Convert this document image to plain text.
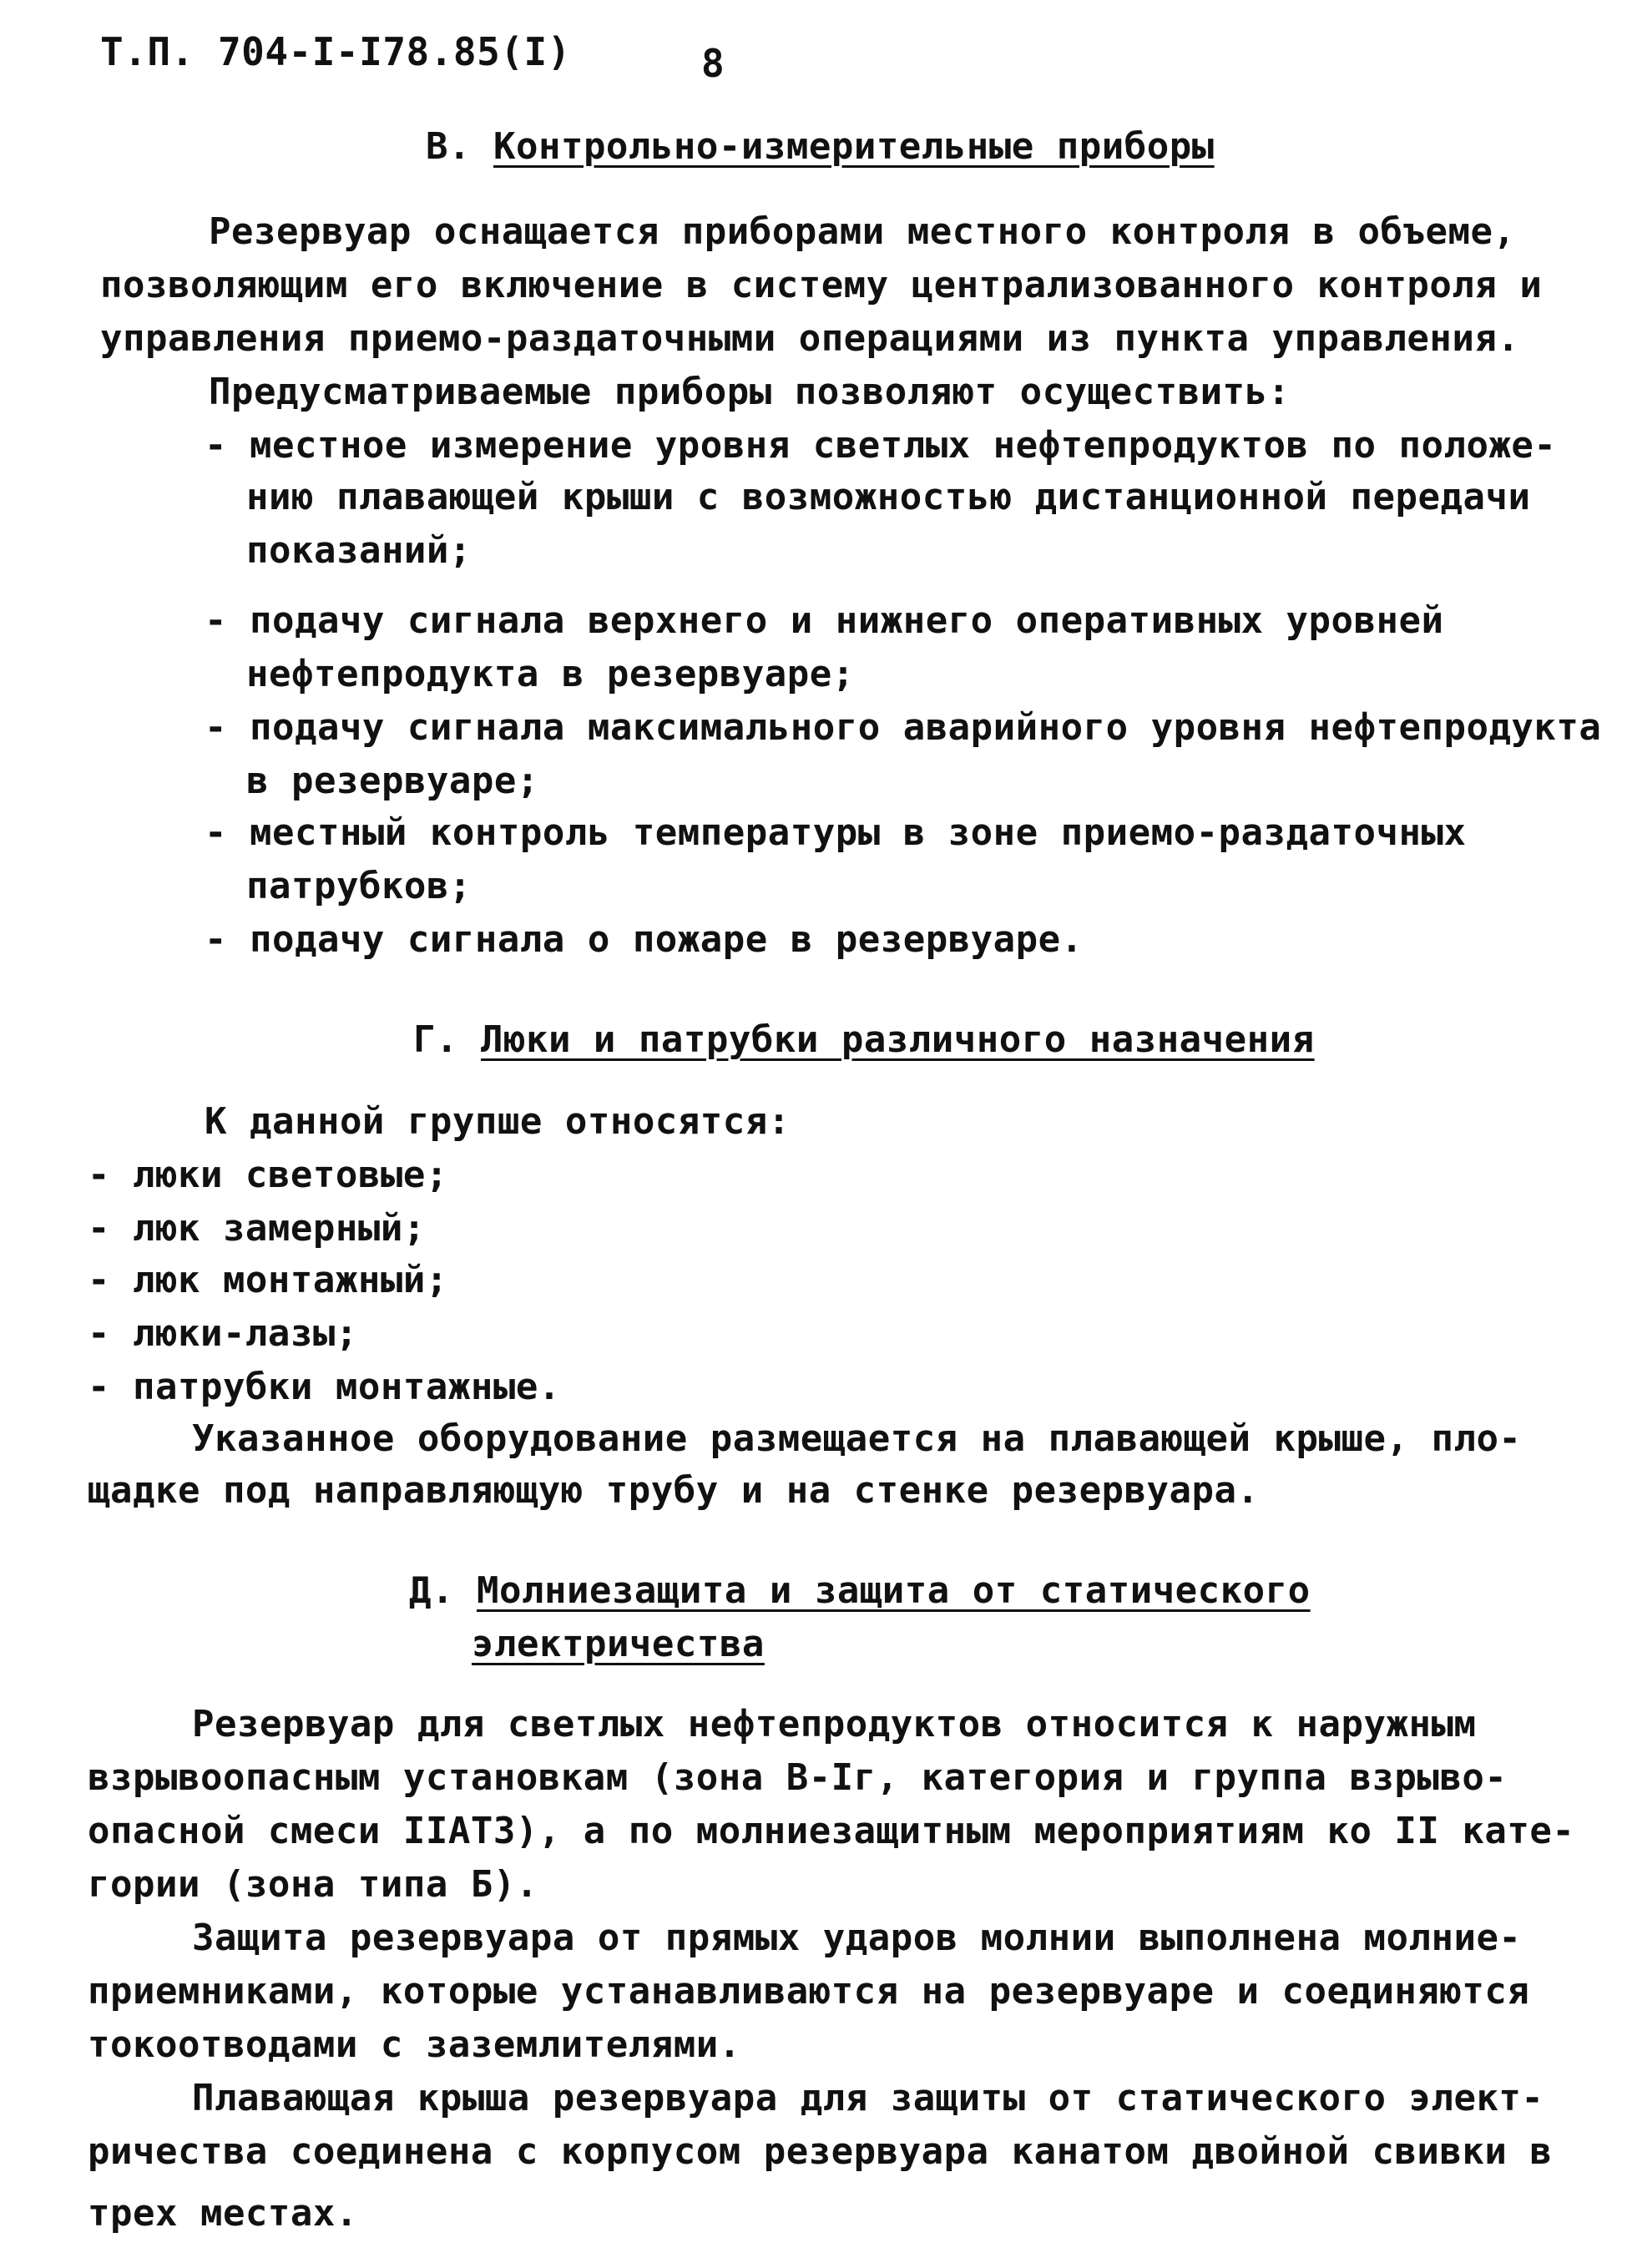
Т.П. 704-I-I78.85(I)	8
В. Контрольно-измерительные приборы
Резервуар оснащается приборами местного контроля в объеме,
позволяющим его включение в систему централизованного контроля и
управления приемо-раздаточными операциями из пункта управления.
Предусматриваемые приборы позволяют осуществить:
- местное измерение уровня светлых нефтепродуктов по положе-
нию плавающей крыши с возможностью дистанционной передачи
показаний;
- подачу сигнала верхнего и нижнего оперативных уровней
нефтепродукта в резервуаре;
- подачу сигнала максимального аварийного уровня нефтепродукта
в резервуаре;
- местный контроль температуры в зоне приемо-раздаточных
патрубков;
- подачу сигнала о пожаре в резервуаре.
Г. Люки и патрубки различного назначения
К данной групше относятся:
- люки световые;
- люк замерный;
- люк монтажный;
- люки-лазы;
- патрубки монтажные.
Указанное оборудование размещается на плавающей крыше, пло-
щадке под направляющую трубу и на стенке резервуара.
Д. Молниезащита и защита от статического
электричества
Резервуар для светлых нефтепродуктов относится к наружным
взрывоопасным установкам (зона В-Iг, категория и группа взрыво-
опасной смеси IIАТ3), а по молниезащитным мероприятиям ко II кате-
гории (зона типа Б).
Защита резервуара от прямых ударов молнии выполнена молние-
приемниками, которые устанавливаются на резервуаре и соединяются
токоотводами с заземлителями.
Плавающая крыша резервуара для защиты от статического элект-
ричества соединена с корпусом резервуара канатом двойной свивки в
трех местах.
